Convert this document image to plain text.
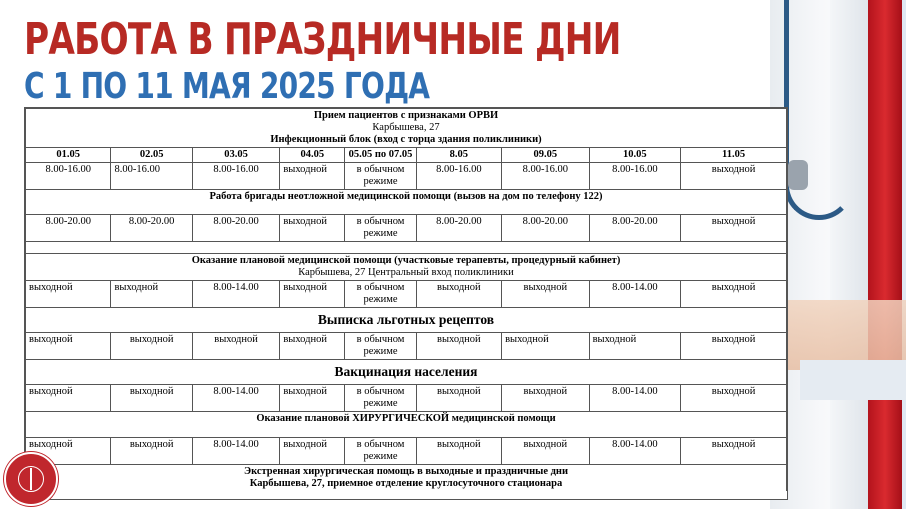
РАБОТА В ПРАЗДНИЧНЫЕ ДНИ
С 1 ПО 11 МАЯ 2025 ГОДА
Прием пациентов с признаками ОРВИ
Карбышева, 27
Инфекционный блок (вход с торца здания поликлиники)								

01.05	02.05	03.05	04.05	05.05 по 07.05	8.05	09.05	10.05	11.05
8.00-16.00	8.00-16.00	8.00-16.00	выходной	в обычном режиме	8.00-16.00	8.00-16.00	8.00-16.00	выходной
Работа бригады неотложной медицинской помощи (вызов на дом по телефону 122)								
8.00-20.00	8.00-20.00	8.00-20.00	выходной	в обычном режиме	8.00-20.00	8.00-20.00	8.00-20.00	выходной

Оказание плановой медицинской помощи (участковые терапевты, процедурный кабинет)
Карбышева, 27 Центральный вход поликлиники								

выходной	выходной	8.00-14.00	выходной	в обычном режиме	выходной	выходной	8.00-14.00	выходной
Выписка льготных рецептов								
выходной	выходной	выходной	выходной	в обычном режиме	выходной	выходной	выходной	выходной
Вакцинация населения								
выходной	выходной	8.00-14.00	выходной	в обычном режиме	выходной	выходной	8.00-14.00	выходной
Оказание плановой ХИРУРГИЧЕСКОЙ медицинской помощи								
выходной	выходной	8.00-14.00	выходной	в обычном режиме	выходной	выходной	8.00-14.00	выходной

Экстренная хирургическая помощь в выходные и праздничные дни
Карбышева, 27, приемное отделение круглосуточного стационара								
